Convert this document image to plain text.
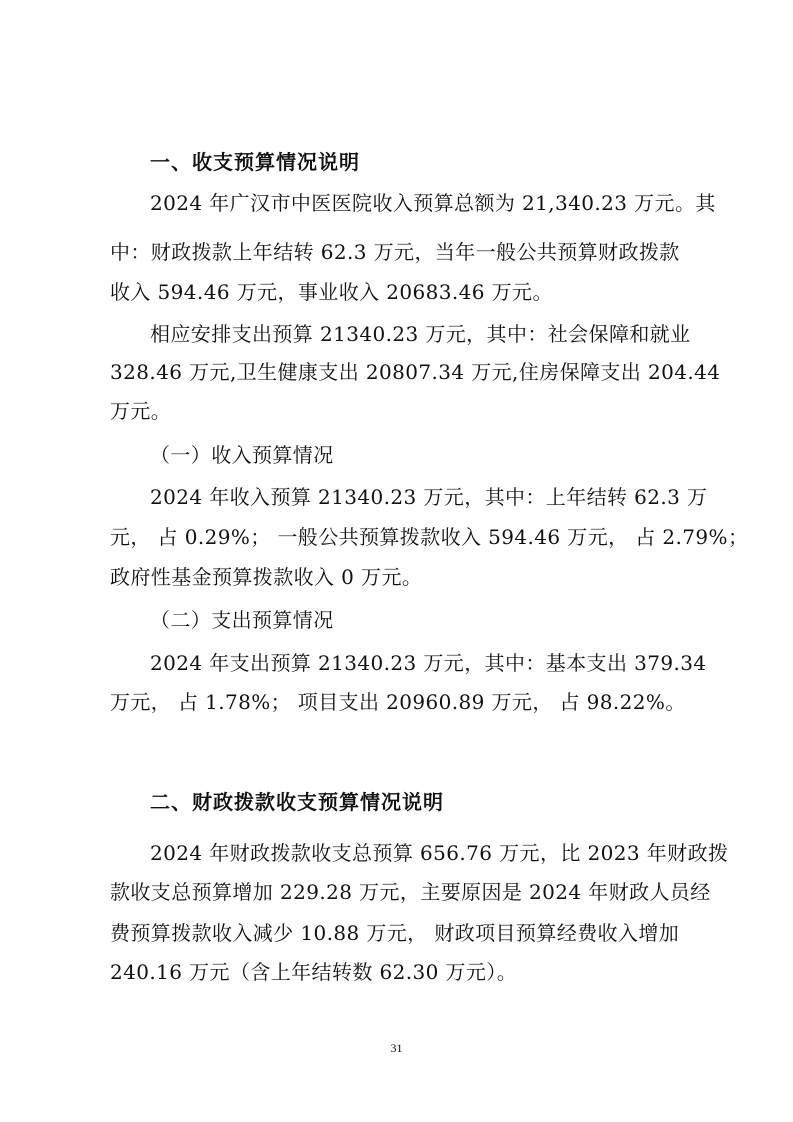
一、收支预算情况说明
2024 年广汉市中医医院收入预算总额为 21,340.23 万元。其
中：财政拨款上年结转 62.3 万元，当年一般公共预算财政拨款
收入 594.46 万元，事业收入 20683.46 万元。
相应安排支出预算 21340.23 万元，其中：社会保障和就业
328.46 万元,卫生健康支出 20807.34 万元,住房保障支出 204.44
万元。
（一）收入预算情况
2024 年收入预算 21340.23 万元，其中：上年结转 62.3 万
元， 占 0.29%； 一般公共预算拨款收入 594.46 万元， 占 2.79%；
政府性基金预算拨款收入 0 万元。
（二）支出预算情况
2024 年支出预算 21340.23 万元，其中：基本支出 379.34
万元， 占 1.78%； 项目支出 20960.89 万元， 占 98.22%。
二、财政拨款收支预算情况说明
2024 年财政拨款收支总预算 656.76 万元，比 2023 年财政拨
款收支总预算增加 229.28 万元，主要原因是 2024 年财政人员经
费预算拨款收入减少 10.88 万元， 财政项目预算经费收入增加
240.16 万元（含上年结转数 62.30 万元）。
31
